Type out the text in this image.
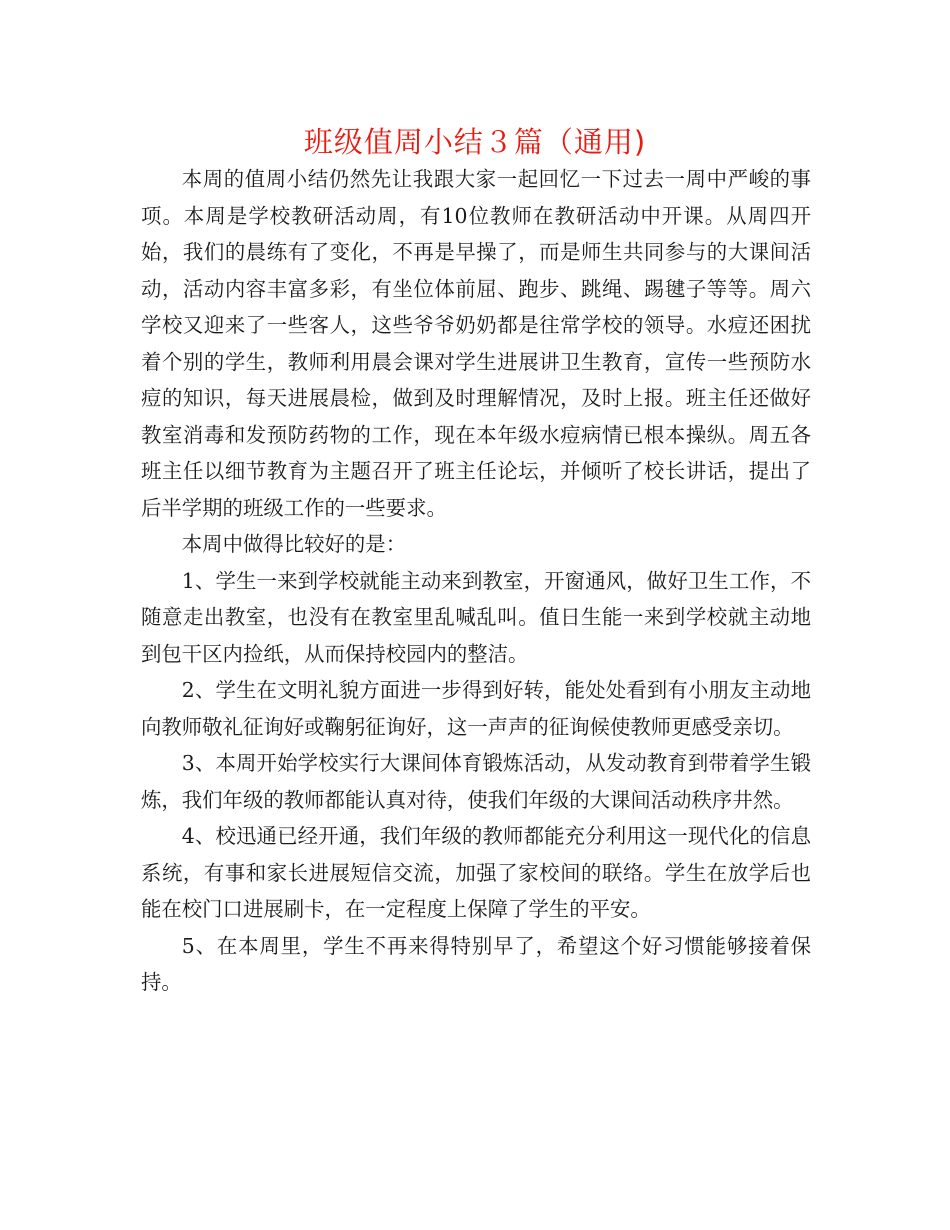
班级值周小结３篇（通用)

本周的值周小结仍然先让我跟大家一起回忆一下过去一周中严峻的事项。本周是学校教研活动周，有10位教师在教研活动中开课。从周四开始，我们的晨练有了变化，不再是早操了，而是师生共同参与的大课间活动，活动内容丰富多彩，有坐位体前屈、跑步、跳绳、踢毽子等等。周六学校又迎来了一些客人，这些爷爷奶奶都是往常学校的领导。水痘还困扰着个别的学生，教师利用晨会课对学生进展讲卫生教育，宣传一些预防水痘的知识，每天进展晨检，做到及时理解情况，及时上报。班主任还做好教室消毒和发预防药物的工作，现在本年级水痘病情已根本操纵。周五各班主任以细节教育为主题召开了班主任论坛，并倾听了校长讲话，提出了后半学期的班级工作的一些要求。

本周中做得比较好的是：

1、学生一来到学校就能主动来到教室，开窗通风，做好卫生工作，不随意走出教室，也没有在教室里乱喊乱叫。值日生能一来到学校就主动地到包干区内捡纸，从而保持校园内的整洁。

2、学生在文明礼貌方面进一步得到好转，能处处看到有小朋友主动地向教师敬礼征询好或鞠躬征询好，这一声声的征询候使教师更感受亲切。

3、本周开始学校实行大课间体育锻炼活动，从发动教育到带着学生锻炼，我们年级的教师都能认真对待，使我们年级的大课间活动秩序井然。

4、校迅通已经开通，我们年级的教师都能充分利用这一现代化的信息系统，有事和家长进展短信交流，加强了家校间的联络。学生在放学后也能在校门口进展刷卡，在一定程度上保障了学生的平安。

5、在本周里，学生不再来得特别早了，希望这个好习惯能够接着保持。
